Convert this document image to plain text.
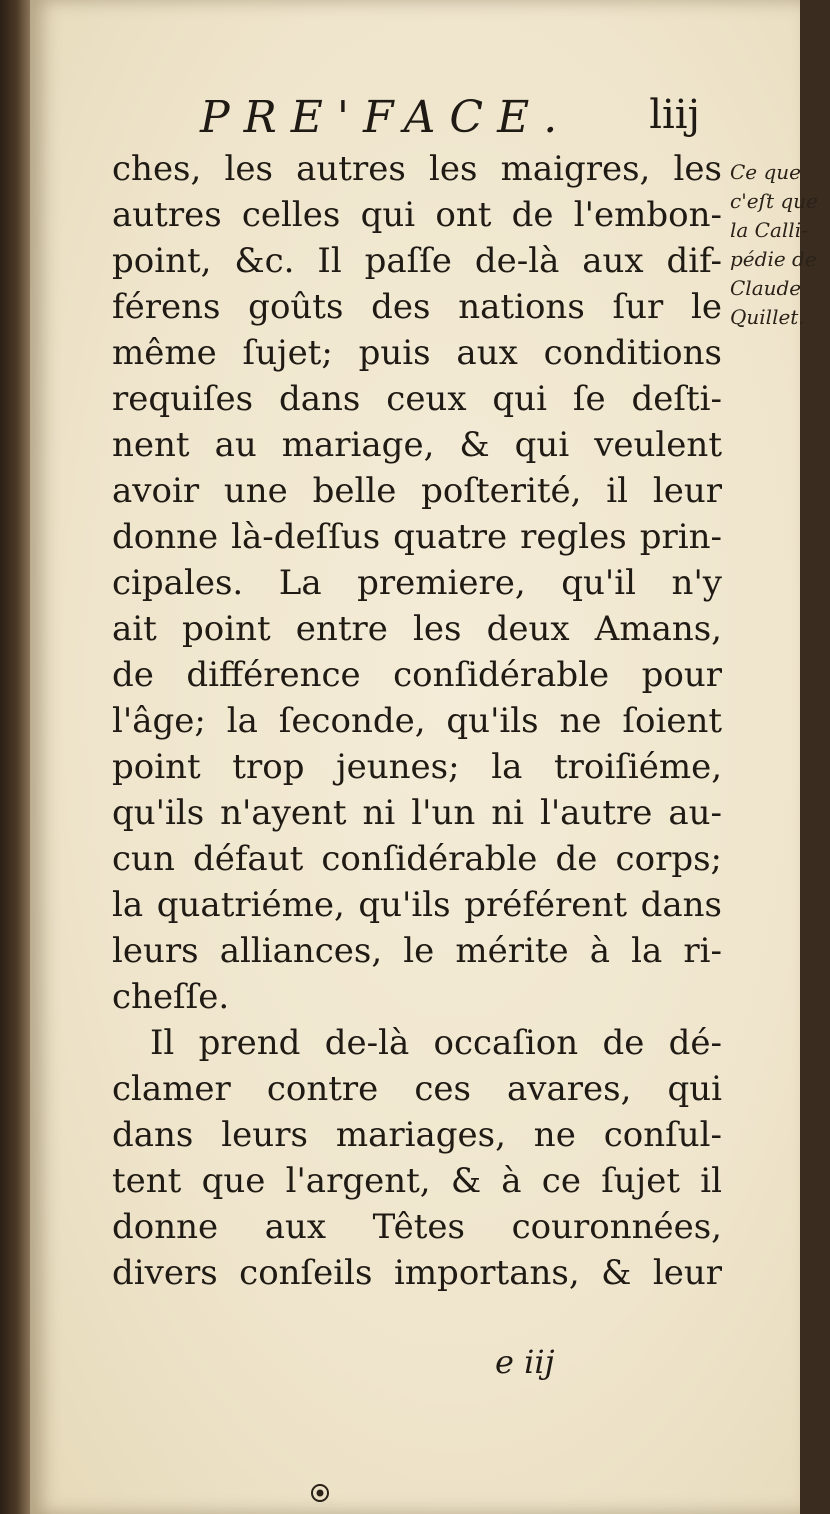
PRE'FACE. liij
ches, les autres les maigres, les
autres celles qui ont de l'embon-
point, &c. Il paſſe de-là aux dif-
férens goûts des nations ſur le
même ſujet; puis aux conditions
requiſes dans ceux qui ſe deſti-
nent au mariage, & qui veulent
avoir une belle poſterité, il leur
donne là-deſſus quatre regles prin-
cipales. La premiere, qu'il n'y
ait point entre les deux Amans,
de différence conſidérable pour
l'âge; la ſeconde, qu'ils ne ſoient
point trop jeunes; la troiſiéme,
qu'ils n'ayent ni l'un ni l'autre au-
cun défaut conſidérable de corps;
la quatriéme, qu'ils préférent dans
leurs alliances, le mérite à la ri-
cheſſe.
Il prend de-là occaſion de dé-
clamer contre ces avares, qui
dans leurs mariages, ne conſul-
tent que l'argent, & à ce ſujet il
donne aux Têtes couronnées,
divers conſeils importans, & leur
Ce que
c'eſt que
la Calli-
pédie de
Claude
Quillet.
e iij
